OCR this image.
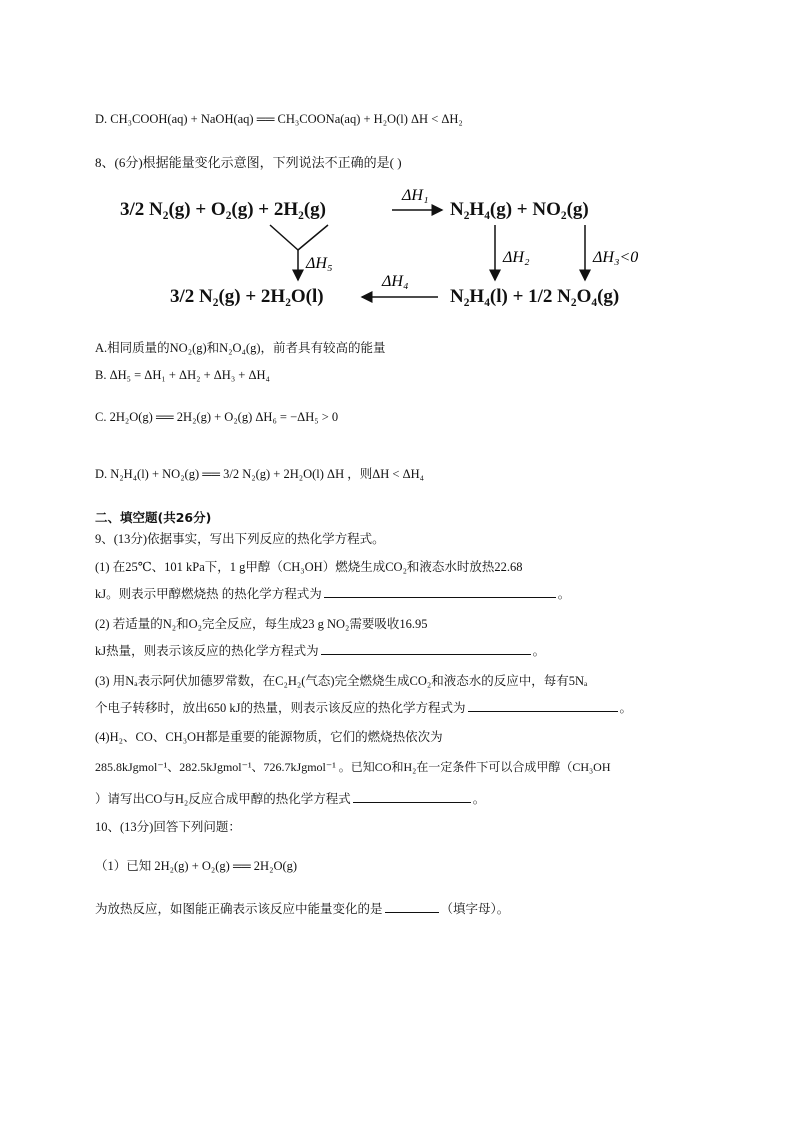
D. CH₃COOH(aq) + NaOH(aq) ══ CH₃COONa(aq) + H₂O(l) ΔH < ΔH₂
8、(6分)根据能量变化示意图，下列说法不正确的是( )
3/2 N₂(g) + O₂(g) + 2H₂(g)	N₂H₄(g) + NO₂(g)
3/2 N₂(g) + 2H₂O(l)	N₂H₄(l) + 1/2 N₂O₄(g)
ΔH₁
ΔH₅	ΔH₂	ΔH₃<0
ΔH₄
A.相同质量的NO₂(g)和N₂O₄(g)，前者具有较高的能量
B. ΔH₅ = ΔH₁ + ΔH₂ + ΔH₃ + ΔH₄
C. 2H₂O(g) ══ 2H₂(g) + O₂(g) ΔH₆ = −ΔH₅ > 0
D. N₂H₄(l) + NO₂(g) ══ 3/2 N₂(g) + 2H₂O(l) ΔH ，则ΔH < ΔH₄
二、填空题(共26分)
9、(13分)依据事实，写出下列反应的热化学方程式。
(1) 在25℃、101 kPa下，1 g甲醇（CH₃OH）燃烧生成CO₂和液态水时放热22.68
kJ。则表示甲醇燃烧热 的热化学方程式为	。
(2) 若适量的N₂和O₂完全反应，每生成23 g NO₂需要吸收16.95
kJ热量，则表示该反应的热化学方程式为	。
(3) 用Nₐ表示阿伏加德罗常数，在C₂H₂(气态)完全燃烧生成CO₂和液态水的反应中，每有5Nₐ
个电子转移时，放出650 kJ的热量，则表示该反应的热化学方程式为	。
(4)H₂、CO、CH₃OH都是重要的能源物质，它们的燃烧热依次为
285.8kJgmol⁻¹、282.5kJgmol⁻¹、726.7kJgmol⁻¹ 。已知CO和H₂在一定条件下可以合成甲醇（CH₃OH
）请写出CO与H₂反应合成甲醇的热化学方程式	。
10、(13分)回答下列问题：
（1）已知 2H₂(g) + O₂(g) ══ 2H₂O(g)
为放热反应，如图能正确表示该反应中能量变化的是	（填字母）。
